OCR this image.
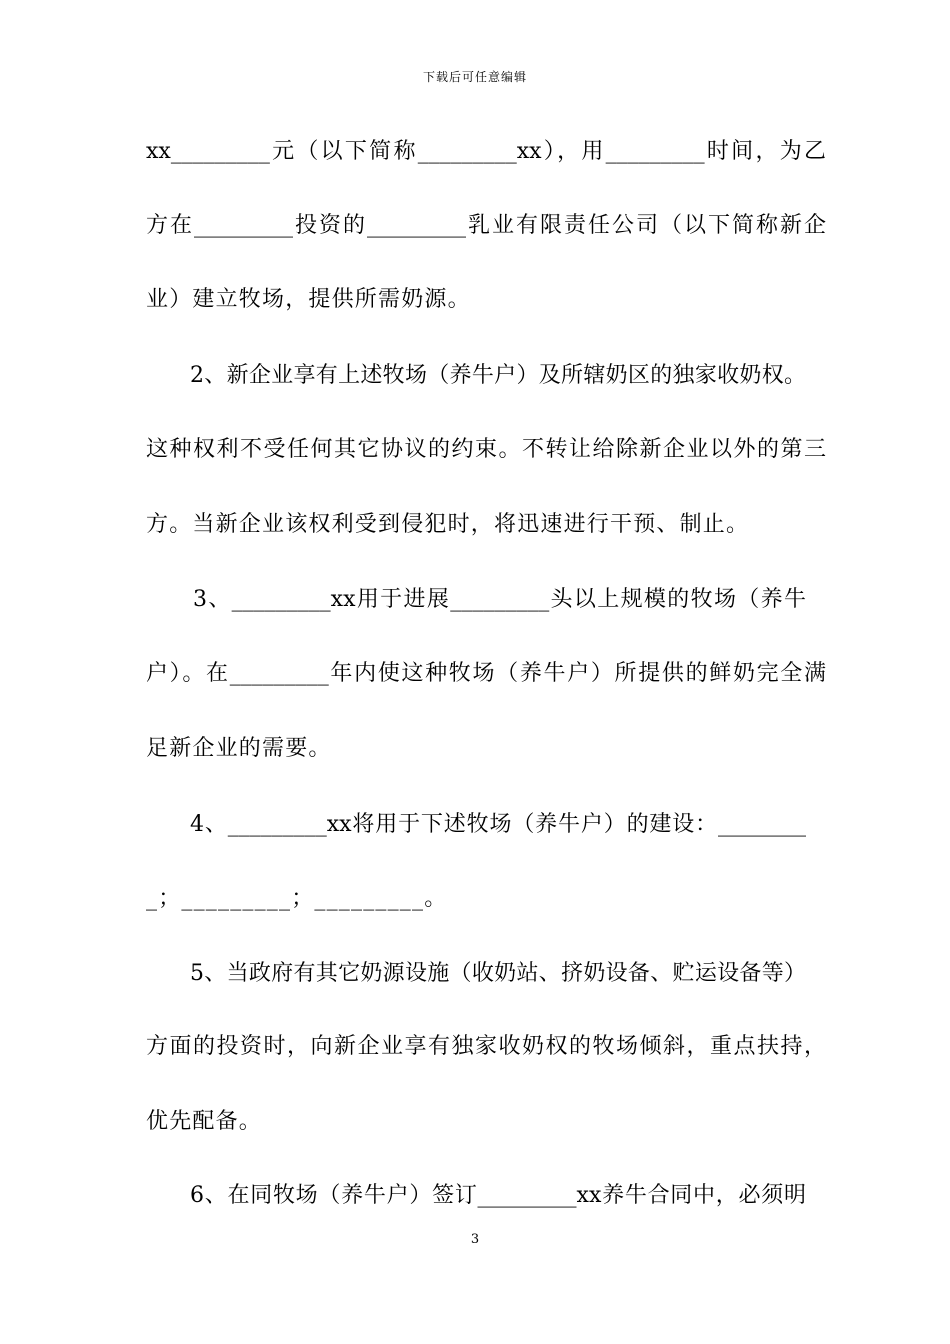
下载后可任意编辑
xx_________元（以下简称_________xx），用_________时间，为乙
方在_________投资的_________乳业有限责任公司（以下简称新企
业）建立牧场，提供所需奶源。
2、新企业享有上述牧场（养牛户）及所辖奶区的独家收奶权。
这种权利不受任何其它协议的约束。不转让给除新企业以外的第三
方。当新企业该权利受到侵犯时，将迅速进行干预、制止。
3、_________xx用于进展_________头以上规模的牧场（养牛
户）。在_________年内使这种牧场（养牛户）所提供的鲜奶完全满
足新企业的需要。
4、_________xx将用于下述牧场（养牛户）的建设：________
_；_________；_________。
5、当政府有其它奶源设施（收奶站、挤奶设备、贮运设备等）
方面的投资时，向新企业享有独家收奶权的牧场倾斜，重点扶持，
优先配备。
6、在同牧场（养牛户）签订_________xx养牛合同中，必须明
3
